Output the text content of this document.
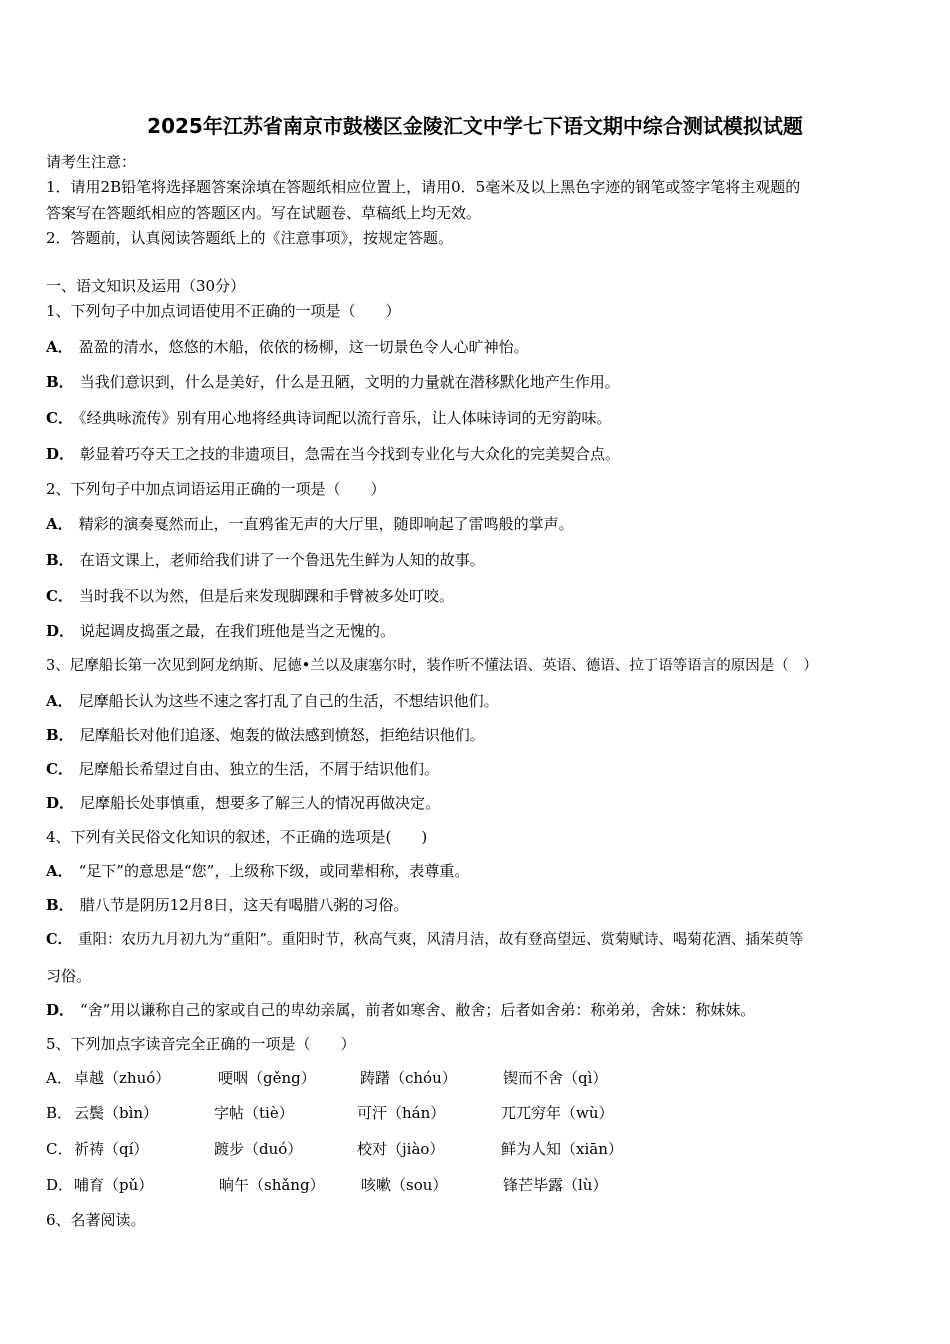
2025年江苏省南京市鼓楼区金陵汇文中学七下语文期中综合测试模拟试题
请考生注意：
1．请用2B铅笔将选择题答案涂填在答题纸相应位置上，请用0．5毫米及以上黑色字迹的钢笔或签字笔将主观题的
答案写在答题纸相应的答题区内。写在试题卷、草稿纸上均无效。
2．答题前，认真阅读答题纸上的《注意事项》，按规定答题。
一、语文知识及运用（30分）
1、下列句子中加点词语使用不正确的一项是（　　）
A． 盈盈的清水，悠悠的木船，依依的杨柳，这一切景色令人心旷神怡。
B． 当我们意识到，什么是美好，什么是丑陋，文明的力量就在潜移默化地产生作用。
C． 《经典咏流传》别有用心地将经典诗词配以流行音乐，让人体味诗词的无穷韵味。
D． 彰显着巧夺天工之技的非遗项目，急需在当今找到专业化与大众化的完美契合点。
2、下列句子中加点词语运用正确的一项是（　　）
A． 精彩的演奏戛然而止，一直鸦雀无声的大厅里，随即响起了雷鸣般的掌声。
B． 在语文课上，老师给我们讲了一个鲁迅先生鲜为人知的故事。
C． 当时我不以为然，但是后来发现脚踝和手臂被多处叮咬。
D． 说起调皮捣蛋之最，在我们班他是当之无愧的。
3、尼摩船长第一次见到阿龙纳斯、尼德•兰以及康塞尔时，装作听不懂法语、英语、德语、拉丁语等语言的原因是（　）
A． 尼摩船长认为这些不速之客打乱了自己的生活，不想结识他们。
B． 尼摩船长对他们追逐、炮轰的做法感到愤怒，拒绝结识他们。
C． 尼摩船长希望过自由、独立的生活，不屑于结识他们。
D． 尼摩船长处事慎重，想要多了解三人的情况再做决定。
4、下列有关民俗文化知识的叙述，不正确的选项是(　　)
A． “足下”的意思是“您”，上级称下级，或同辈相称，表尊重。
B． 腊八节是阴历12月8日，这天有喝腊八粥的习俗。
C． 重阳：农历九月初九为“重阳”。重阳时节，秋高气爽，风清月洁，故有登高望远、赏菊赋诗、喝菊花酒、插茱萸等
习俗。
D． “舍”用以谦称自己的家或自己的卑幼亲属，前者如寒舍、敝舍；后者如舍弟：称弟弟，舍妹：称妹妹。
5、下列加点字读音完全正确的一项是（　　）
A． 卓越（zhuó）	哽咽（gěng）	踌躇（chóu）	锲而不舍（qì）
B． 云鬓（bìn）	字帖（tiè）	可汗（hán）	兀兀穷年（wù）
C． 祈祷（qí）	踱步（duó）	校对（jiào）	鲜为人知（xiān）
D． 哺育（pǔ）	晌午（shǎng） 咳嗽（sou）	锋芒毕露（lù）
6、名著阅读。
